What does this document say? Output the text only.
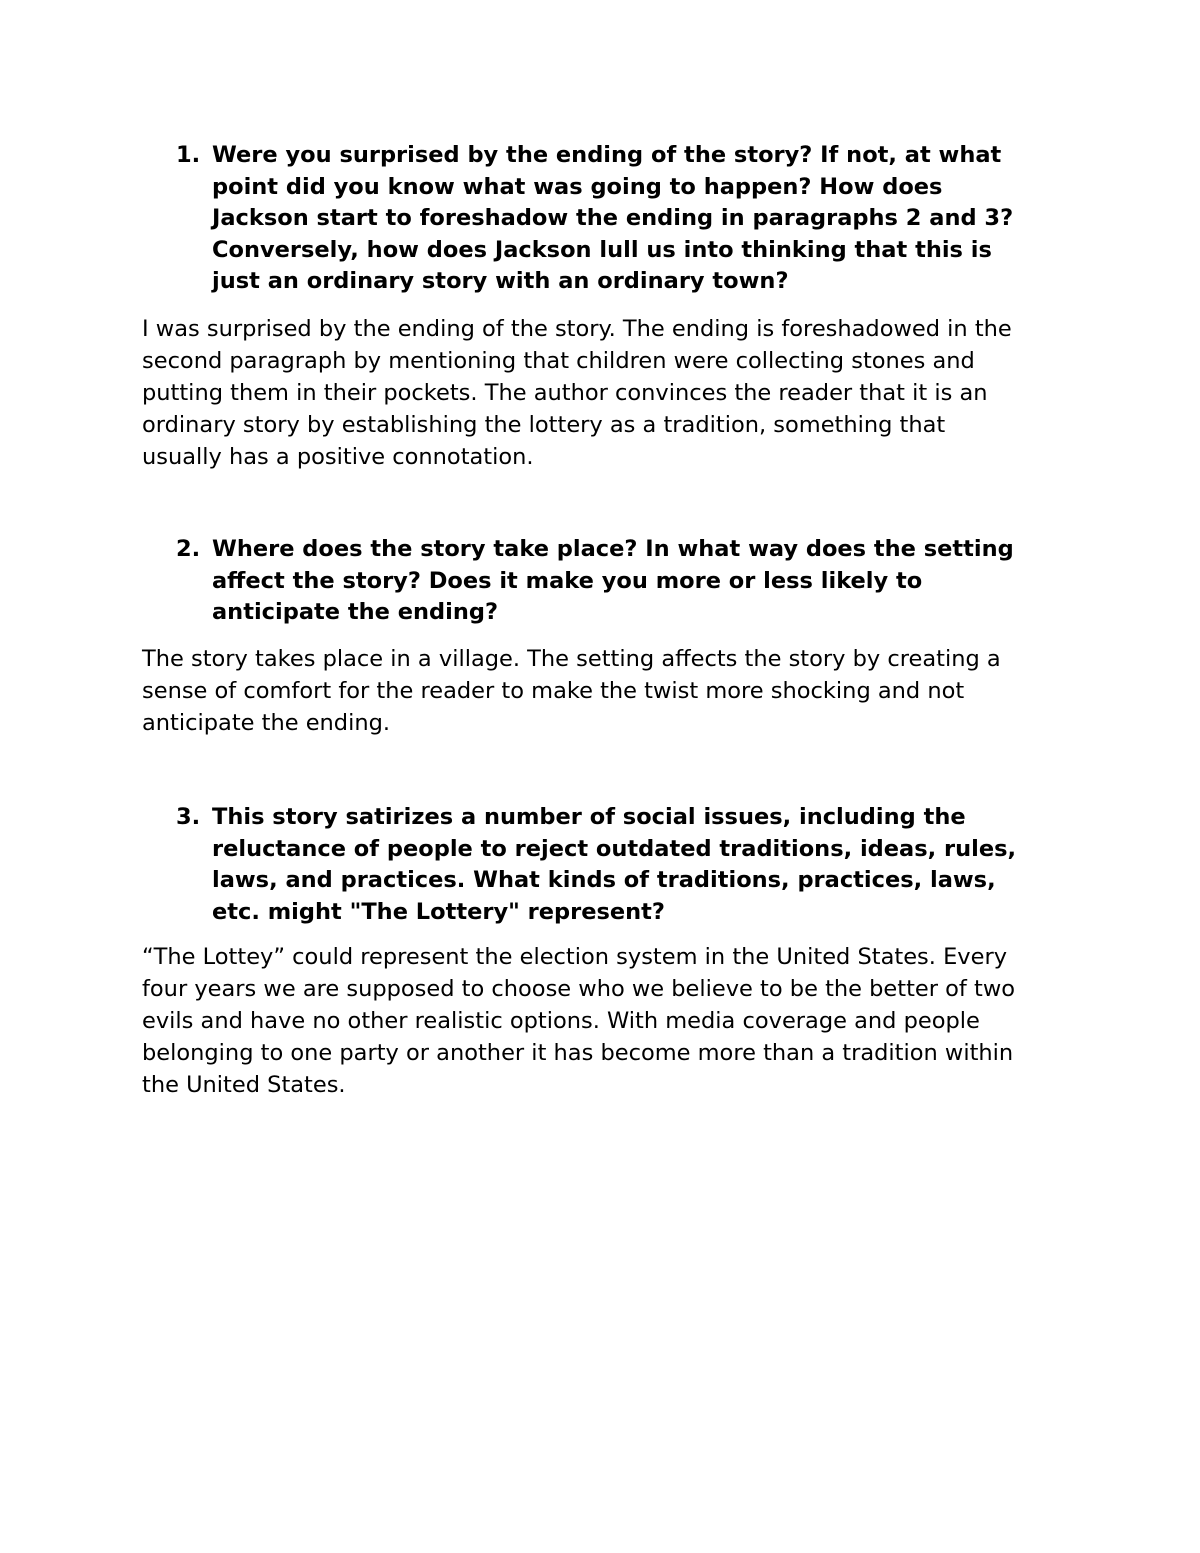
1. Were you surprised by the ending of the story? If not, at what
point did you know what was going to happen? How does
Jackson start to foreshadow the ending in paragraphs 2 and 3?
Conversely, how does Jackson lull us into thinking that this is
just an ordinary story with an ordinary town?

I was surprised by the ending of the story. The ending is foreshadowed in the
second paragraph by mentioning that children were collecting stones and
putting them in their pockets. The author convinces the reader that it is an
ordinary story by establishing the lottery as a tradition, something that
usually has a positive connotation.

2. Where does the story take place? In what way does the setting
affect the story? Does it make you more or less likely to
anticipate the ending?

The story takes place in a village. The setting affects the story by creating a
sense of comfort for the reader to make the twist more shocking and not
anticipate the ending.

3. This story satirizes a number of social issues, including the
reluctance of people to reject outdated traditions, ideas, rules,
laws, and practices. What kinds of traditions, practices, laws,
etc. might "The Lottery" represent?

“The Lottey” could represent the election system in the United States. Every
four years we are supposed to choose who we believe to be the better of two
evils and have no other realistic options. With media coverage and people
belonging to one party or another it has become more than a tradition within
the United States.
